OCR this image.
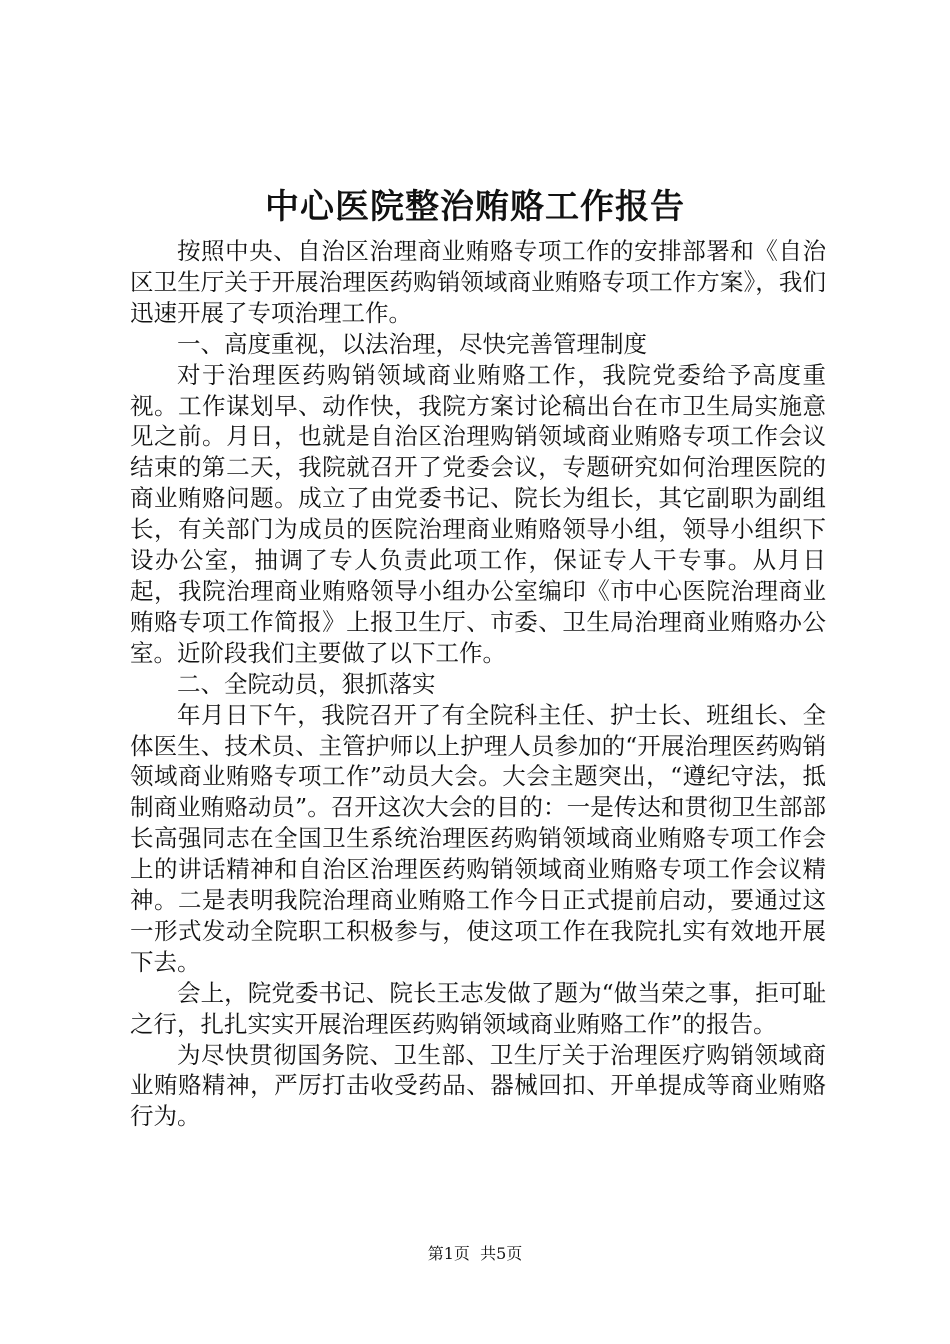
中心医院整治贿赂工作报告

按照中央、自治区治理商业贿赂专项工作的安排部署和《自治区卫生厅关于开展治理医药购销领域商业贿赂专项工作方案》，我们迅速开展了专项治理工作。

一、高度重视，以法治理，尽快完善管理制度

对于治理医药购销领域商业贿赂工作，我院党委给予高度重视。工作谋划早、动作快，我院方案讨论稿出台在市卫生局实施意见之前。月日，也就是自治区治理购销领域商业贿赂专项工作会议结束的第二天，我院就召开了党委会议，专题研究如何治理医院的商业贿赂问题。成立了由党委书记、院长为组长，其它副职为副组长，有关部门为成员的医院治理商业贿赂领导小组，领导小组织下设办公室，抽调了专人负责此项工作，保证专人干专事。从月日起，我院治理商业贿赂领导小组办公室编印《市中心医院治理商业贿赂专项工作简报》上报卫生厅、市委、卫生局治理商业贿赂办公室。近阶段我们主要做了以下工作。

二、全院动员，狠抓落实

年月日下午，我院召开了有全院科主任、护士长、班组长、全体医生、技术员、主管护师以上护理人员参加的“开展治理医药购销领域商业贿赂专项工作”动员大会。大会主题突出，“遵纪守法，抵制商业贿赂动员”。召开这次大会的目的：一是传达和贯彻卫生部部长高强同志在全国卫生系统治理医药购销领域商业贿赂专项工作会上的讲话精神和自治区治理医药购销领域商业贿赂专项工作会议精神。二是表明我院治理商业贿赂工作今日正式提前启动，要通过这一形式发动全院职工积极参与，使这项工作在我院扎实有效地开展下去。

会上，院党委书记、院长王志发做了题为“做当荣之事，拒可耻之行，扎扎实实开展治理医药购销领域商业贿赂工作”的报告。

为尽快贯彻国务院、卫生部、卫生厅关于治理医疗购销领域商业贿赂精神，严厉打击收受药品、器械回扣、开单提成等商业贿赂行为。

第1页 共5页
